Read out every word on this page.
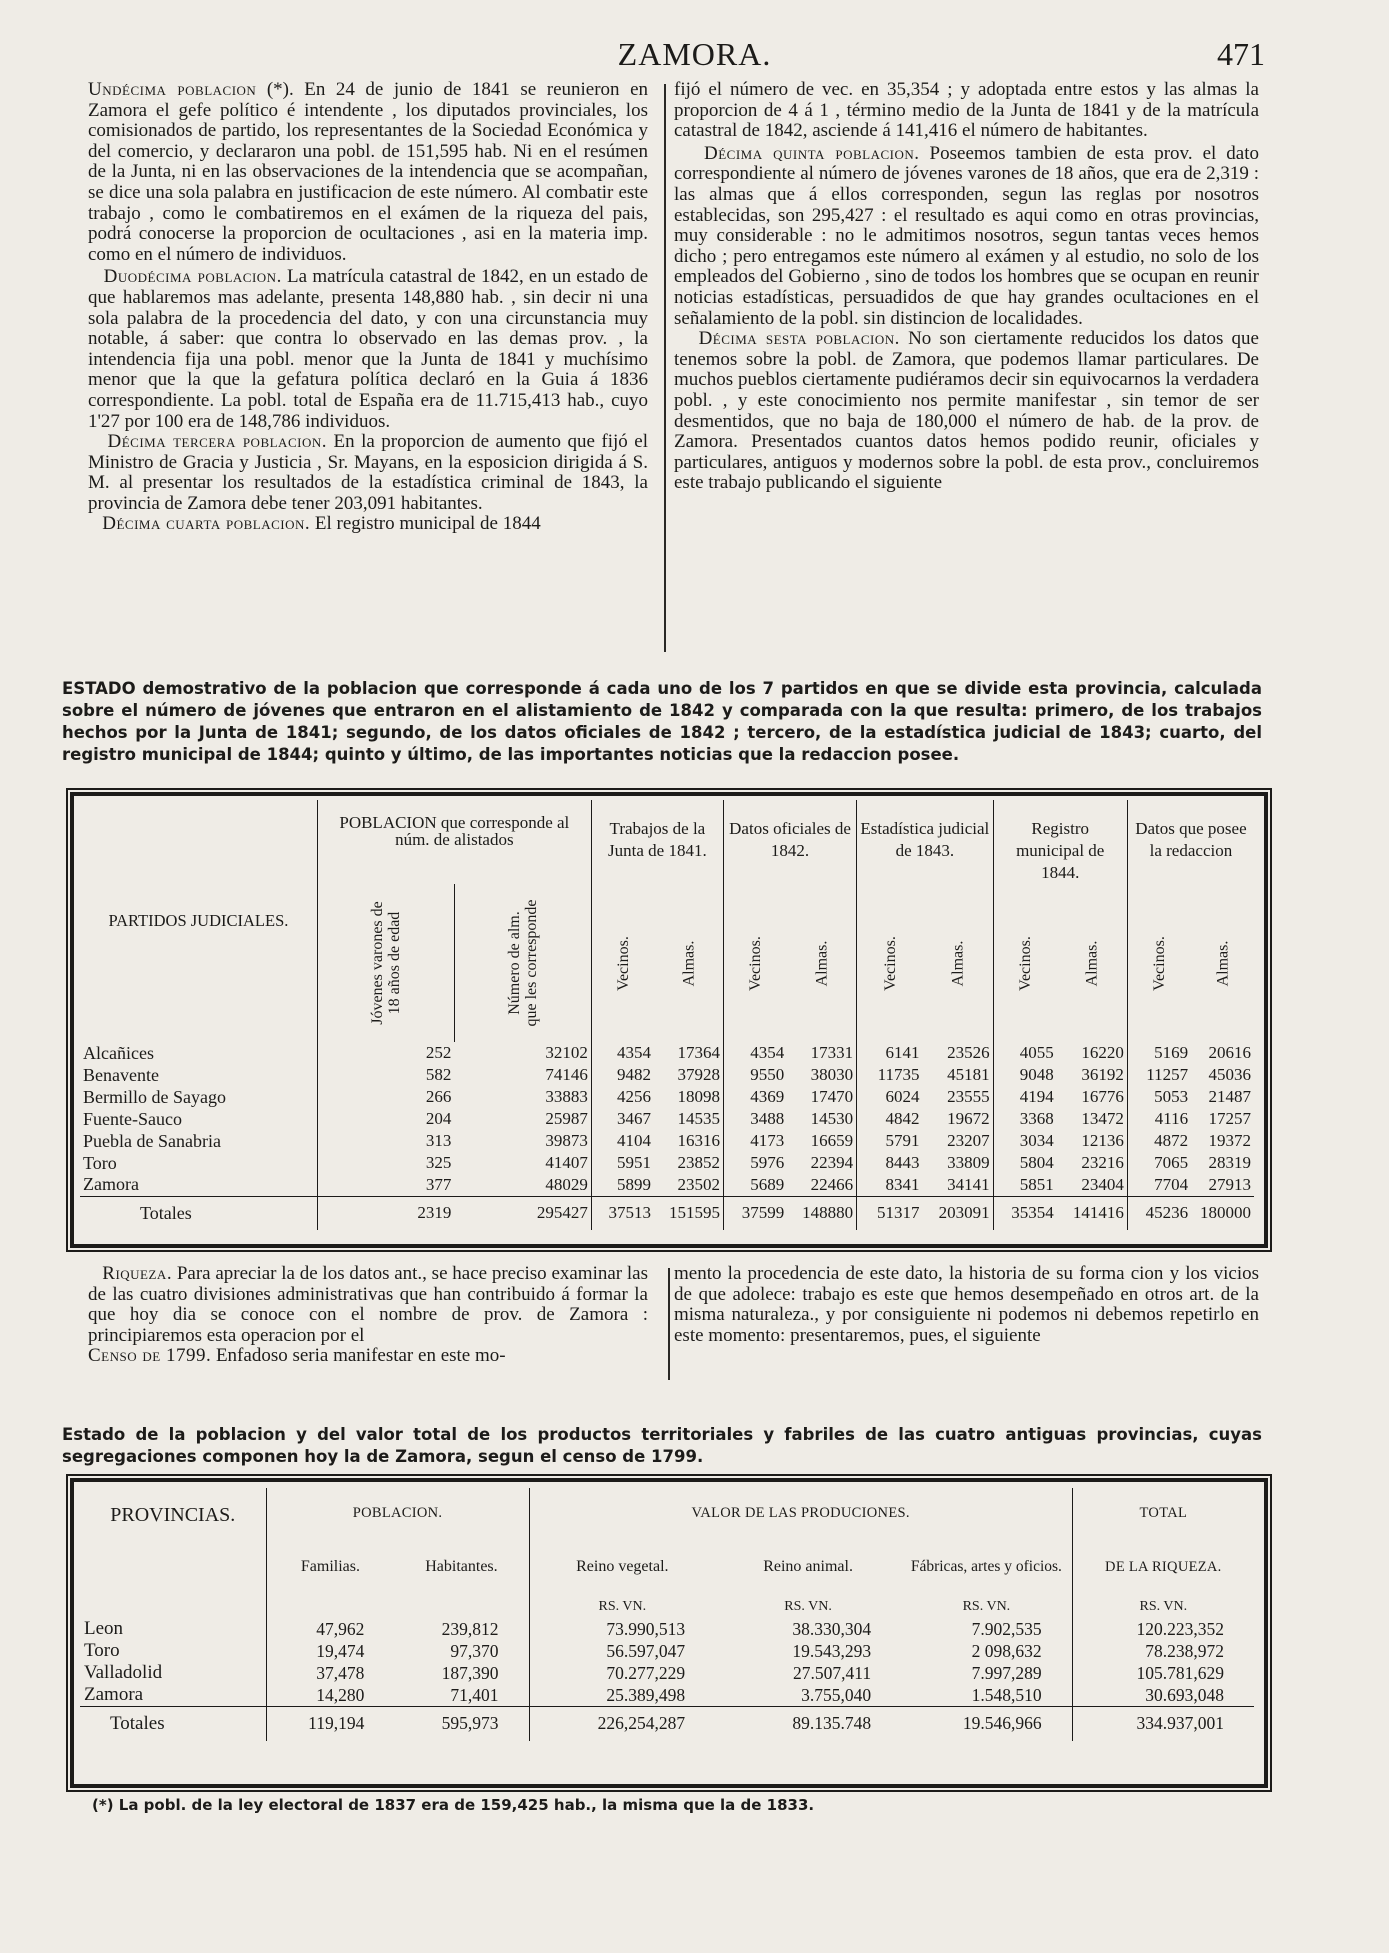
ZAMORA.	471

Undécima poblacion (*). En 24 de junio de 1841 se reunieron en Zamora el gefe político é intendente , los diputados provinciales, los comisionados de partido, los representantes de la Sociedad Económica y del comercio, y declararon una pobl. de 151,595 hab. Ni en el resúmen de la Junta, ni en las observaciones de la intendencia que se acompañan, se dice una sola palabra en justificacion de este número. Al combatir este trabajo , como le combatiremos en el exámen de la riqueza del pais, podrá conocerse la proporcion de ocultaciones , asi en la materia imp. como en el número de individuos.

Duodécima poblacion. La matrícula catastral de 1842, en un estado de que hablaremos mas adelante, presenta 148,880 hab. , sin decir ni una sola palabra de la procedencia del dato, y con una circunstancia muy notable, á saber: que contra lo observado en las demas prov. , la intendencia fija una pobl. menor que la Junta de 1841 y muchísimo menor que la que la gefatura política declaró en la Guia á 1836 correspondiente. La pobl. total de España era de 11.715,413 hab., cuyo 1'27 por 100 era de 148,786 individuos.

Décima tercera poblacion. En la proporcion de aumento que fijó el Ministro de Gracia y Justicia , Sr. Mayans, en la esposicion dirigida á S. M. al presentar los resultados de la estadística criminal de 1843, la provincia de Zamora debe tener 203,091 habitantes.

Décima cuarta poblacion. El registro municipal de 1844

fijó el número de vec. en 35,354 ; y adoptada entre estos y las almas la proporcion de 4 á 1 , término medio de la Junta de 1841 y de la matrícula catastral de 1842, asciende á 141,416 el número de habitantes.

Décima quinta poblacion. Poseemos tambien de esta prov. el dato correspondiente al número de jóvenes varones de 18 años, que era de 2,319 : las almas que á ellos corresponden, segun las reglas por nosotros establecidas, son 295,427 : el resultado es aqui como en otras provincias, muy considerable : no le admitimos nosotros, segun tantas veces hemos dicho ; pero entregamos este número al exámen y al estudio, no solo de los empleados del Gobierno , sino de todos los hombres que se ocupan en reunir noticias estadísticas, persuadidos de que hay grandes ocultaciones en el señalamiento de la pobl. sin distincion de localidades.

Décima sesta poblacion. No son ciertamente reducidos los datos que tenemos sobre la pobl. de Zamora, que podemos llamar particulares. De muchos pueblos ciertamente pudiéramos decir sin equivocarnos la verdadera pobl. , y este conocimiento nos permite manifestar , sin temor de ser desmentidos, que no baja de 180,000 el número de hab. de la prov. de Zamora. Presentados cuantos datos hemos podido reunir, oficiales y particulares, antiguos y modernos sobre la pobl. de esta prov., concluiremos este trabajo publicando el siguiente

ESTADO demostrativo de la poblacion que corresponde á cada uno de los 7 partidos en que se divide esta provincia, calculada sobre el número de jóvenes que entraron en el alistamiento de 1842 y comparada con la que resulta: primero, de los trabajos hechos por la Junta de 1841; segundo, de los datos oficiales de 1842 ; tercero, de la estadística judicial de 1843; cuarto, del registro municipal de 1844; quinto y último, de las importantes noticias que la redaccion posee.
PARTIDOS JUDICIALES.	POBLACION que corresponde al núm. de alistados		Trabajos de la Junta de 1841.		Datos oficiales de 1842.		Estadística judicial de 1843.		Registro municipal de 1844.		Datos que posee la redaccion	

	Jóvenes varones de 18 años de edad	Número de alm. que les corresponde	Vecinos.	Almas.	Vecinos.	Almas.	Vecinos.	Almas.	Vecinos.	Almas.	Vecinos.	Almas.

Alcañices	252	32102	4354	17364	4354	17331	6141	23526	4055	16220	5169	20616
Benavente	582	74146	9482	37928	9550	38030	11735	45181	9048	36192	11257	45036
Bermillo de Sayago	266	33883	4256	18098	4369	17470	6024	23555	4194	16776	5053	21487
Fuente-Sauco	204	25987	3467	14535	3488	14530	4842	19672	3368	13472	4116	17257
Puebla de Sanabria	313	39873	4104	16316	4173	16659	5791	23207	3034	12136	4872	19372
Toro	325	41407	5951	23852	5976	22394	8443	33809	5804	23216	7065	28319
Zamora	377	48029	5899	23502	5689	22466	8341	34141	5851	23404	7704	27913
Totales	2319	295427	37513	151595	37599	148880	51317	203091	35354	141416	45236	180000

Riqueza. Para apreciar la de los datos ant., se hace preciso examinar las de las cuatro divisiones administrativas que han contribuido á formar la que hoy dia se conoce con el nombre de prov. de Zamora : principiaremos esta operacion por el

Censo de 1799. Enfadoso seria manifestar en este mo-

mento la procedencia de este dato, la historia de su forma cion y los vicios de que adolece: trabajo es este que hemos desempeñado en otros art. de la misma naturaleza., y por consiguiente ni podemos ni debemos repetirlo en este momento: presentaremos, pues, el siguiente

Estado de la poblacion y del valor total de los productos territoriales y fabriles de las cuatro antiguas provincias, cuyas segregaciones componen hoy la de Zamora, segun el censo de 1799.
PROVINCIAS.	POBLACION.		VALOR DE LAS PRODUCIONES.			TOTAL
	Familias.	Habitantes.	Reino vegetal.	Reino animal.	Fábricas, artes y oficios.	DE LA RIQUEZA.
			RS. VN.	RS. VN.	RS. VN.	RS. VN.
Leon	47,962	239,812	73.990,513	38.330,304	7.902,535	120.223,352
Toro	19,474	97,370	56.597,047	19.543,293	2 098,632	78.238,972
Valladolid	37,478	187,390	70.277,229	27.507,411	7.997,289	105.781,629
Zamora	14,280	71,401	25.389,498	3.755,040	1.548,510	30.693,048
Totales	119,194	595,973	226,254,287	89.135.748	19.546,966	334.937,001
(*) La pobl. de la ley electoral de 1837 era de 159,425 hab., la misma que la de 1833.
